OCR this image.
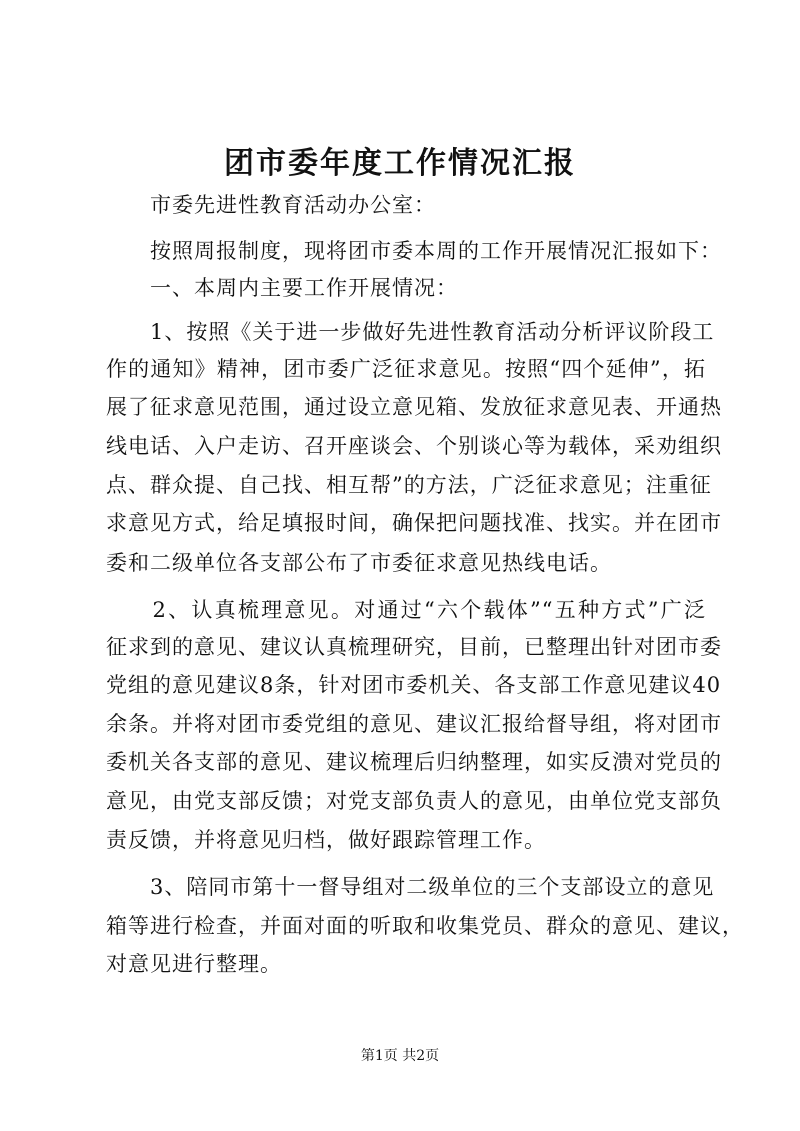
团市委年度工作情况汇报
　　市委先进性教育活动办公室：
　　按照周报制度，现将团市委本周的工作开展情况汇报如下：
　　一、本周内主要工作开展情况：
　　1、按照《关于进一步做好先进性教育活动分析评议阶段工
作的通知》精神，团市委广泛征求意见。按照“四个延伸”，拓
展了征求意见范围，通过设立意见箱、发放征求意见表、开通热
线电话、入户走访、召开座谈会、个别谈心等为载体，采劝组织
点、群众提、自己找、相互帮”的方法，广泛征求意见；注重征
求意见方式，给足填报时间，确保把问题找准、找实。并在团市
委和二级单位各支部公布了市委征求意见热线电话。
　　2、认真梳理意见。对通过“六个载体”“五种方式”广泛
征求到的意见、建议认真梳理研究，目前，已整理出针对团市委
党组的意见建议8条，针对团市委机关、各支部工作意见建议40
余条。并将对团市委党组的意见、建议汇报给督导组，将对团市
委机关各支部的意见、建议梳理后归纳整理，如实反溃对党员的
意见，由党支部反馈；对党支部负责人的意见，由单位党支部负
责反馈，并将意见归档，做好跟踪管理工作。
　　3、陪同市第十一督导组对二级单位的三个支部设立的意见
箱等进行检查，并面对面的听取和收集党员、群众的意见、建议，
对意见进行整理。
第1页 共2页
